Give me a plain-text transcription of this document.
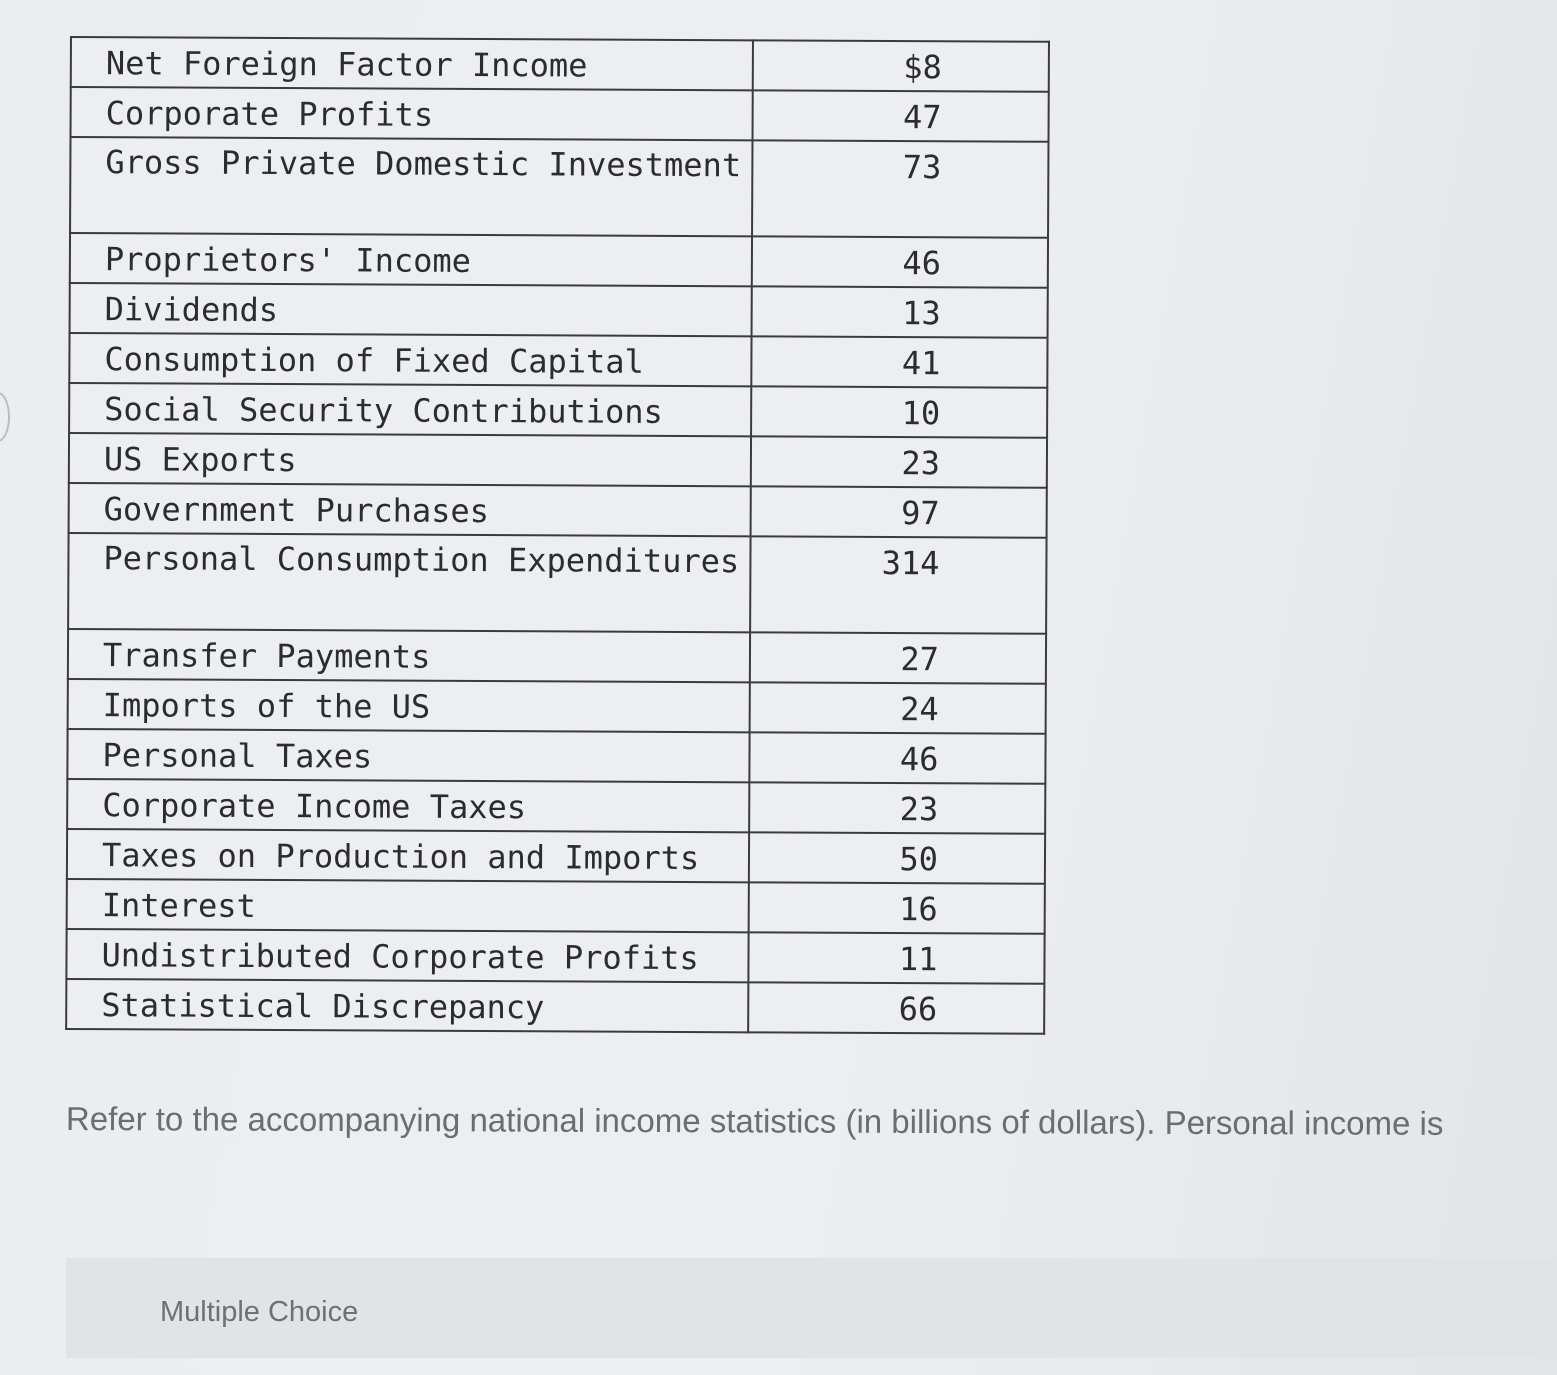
Net Foreign Factor Income	$8
Corporate Profits	47
Gross Private Domestic Investment	73
Proprietors' Income	46
Dividends	13
Consumption of Fixed Capital	41
Social Security Contributions	10
US Exports	23
Government Purchases	97
Personal Consumption Expenditures	314
Transfer Payments	27
Imports of the US	24
Personal Taxes	46
Corporate Income Taxes	23
Taxes on Production and Imports	50
Interest	16
Undistributed Corporate Profits	11
Statistical Discrepancy	66
Refer to the accompanying national income statistics (in billions of dollars). Personal income is
Multiple Choice
